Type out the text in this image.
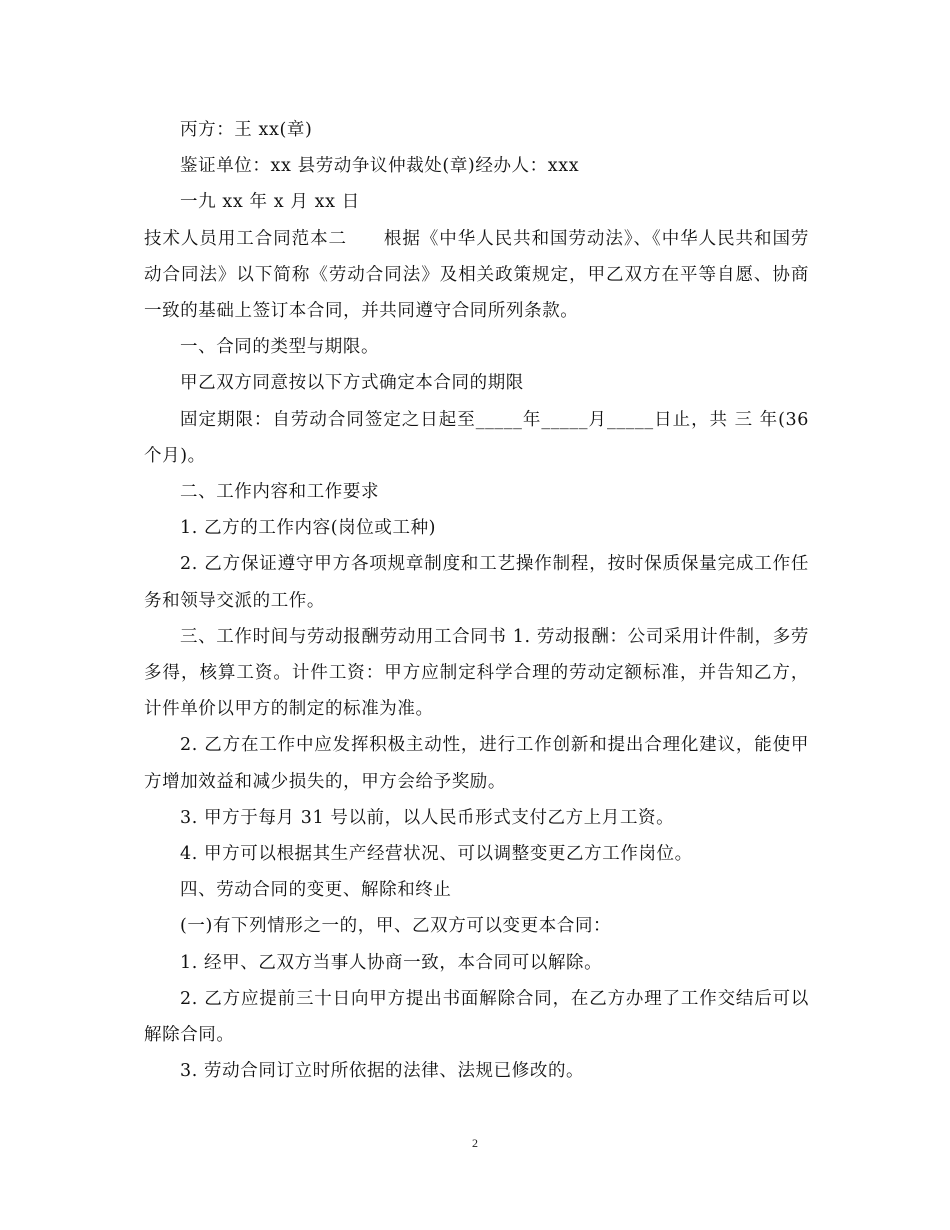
丙方：王 xx(章)

鉴证单位：xx 县劳动争议仲裁处(章)经办人：xxx

一九 xx 年 x 月 xx 日

技术人员用工合同范本二　　根据《中华人民共和国劳动法》、《中华人民共和国劳动合同法》以下简称《劳动合同法》及相关政策规定，甲乙双方在平等自愿、协商一致的基础上签订本合同，并共同遵守合同所列条款。

一、合同的类型与期限。

甲乙双方同意按以下方式确定本合同的期限

固定期限：自劳动合同签定之日起至_____年_____月_____日止，共 三 年(36 个月)。

二、工作内容和工作要求

1. 乙方的工作内容(岗位或工种)

2. 乙方保证遵守甲方各项规章制度和工艺操作制程，按时保质保量完成工作任务和领导交派的工作。

三、工作时间与劳动报酬劳动用工合同书 1. 劳动报酬：公司采用计件制，多劳多得，核算工资。计件工资：甲方应制定科学合理的劳动定额标准，并告知乙方，计件单价以甲方的制定的标准为准。

2. 乙方在工作中应发挥积极主动性，进行工作创新和提出合理化建议，能使甲方增加效益和减少损失的，甲方会给予奖励。

3. 甲方于每月 31 号以前，以人民币形式支付乙方上月工资。

4. 甲方可以根据其生产经营状况、可以调整变更乙方工作岗位。

四、劳动合同的变更、解除和终止

(一)有下列情形之一的，甲、乙双方可以变更本合同：

1. 经甲、乙双方当事人协商一致，本合同可以解除。

2. 乙方应提前三十日向甲方提出书面解除合同，在乙方办理了工作交结后可以解除合同。

3. 劳动合同订立时所依据的法律、法规已修改的。

2
